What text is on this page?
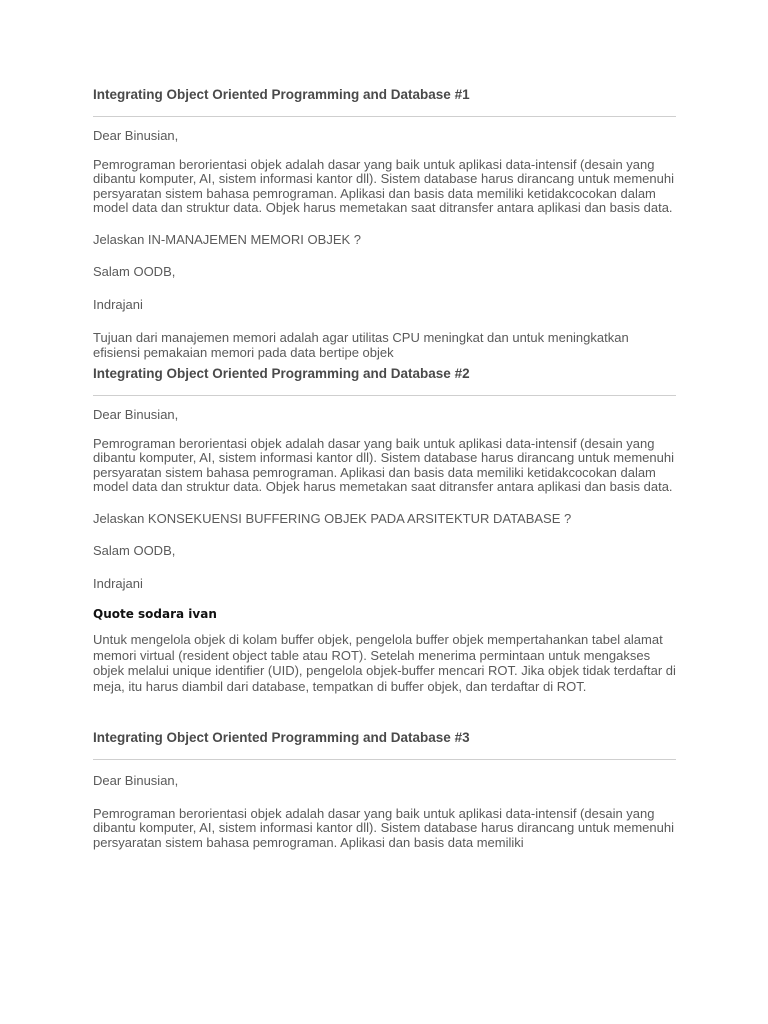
Integrating Object Oriented Programming and Database #1

Dear Binusian,

Pemrograman berorientasi objek adalah dasar yang baik untuk aplikasi data-intensif (desain yang dibantu komputer, AI, sistem informasi kantor dll). Sistem database harus dirancang untuk memenuhi persyaratan sistem bahasa pemrograman. Aplikasi dan basis data memiliki ketidakcocokan dalam model data dan struktur data. Objek harus memetakan saat ditransfer antara aplikasi dan basis data.

Jelaskan IN-MANAJEMEN MEMORI OBJEK ?

Salam OODB,

Indrajani

Tujuan dari manajemen memori adalah agar utilitas CPU meningkat dan untuk meningkatkan efisiensi pemakaian memori pada data bertipe objek

Integrating Object Oriented Programming and Database #2

Dear Binusian,

Pemrograman berorientasi objek adalah dasar yang baik untuk aplikasi data-intensif (desain yang dibantu komputer, AI, sistem informasi kantor dll). Sistem database harus dirancang untuk memenuhi persyaratan sistem bahasa pemrograman. Aplikasi dan basis data memiliki ketidakcocokan dalam model data dan struktur data. Objek harus memetakan saat ditransfer antara aplikasi dan basis data.

Jelaskan KONSEKUENSI BUFFERING OBJEK PADA ARSITEKTUR DATABASE ?

Salam OODB,

Indrajani

Quote sodara ivan

Untuk mengelola objek di kolam buffer objek, pengelola buffer objek mempertahankan tabel alamat memori virtual (resident object table atau ROT). Setelah menerima permintaan untuk mengakses objek melalui unique identifier (UID), pengelola objek-buffer mencari ROT. Jika objek tidak terdaftar di meja, itu harus diambil dari database, tempatkan di buffer objek, dan terdaftar di ROT.

Integrating Object Oriented Programming and Database #3

Dear Binusian,

Pemrograman berorientasi objek adalah dasar yang baik untuk aplikasi data-intensif (desain yang dibantu komputer, AI, sistem informasi kantor dll). Sistem database harus dirancang untuk memenuhi persyaratan sistem bahasa pemrograman. Aplikasi dan basis data memiliki
